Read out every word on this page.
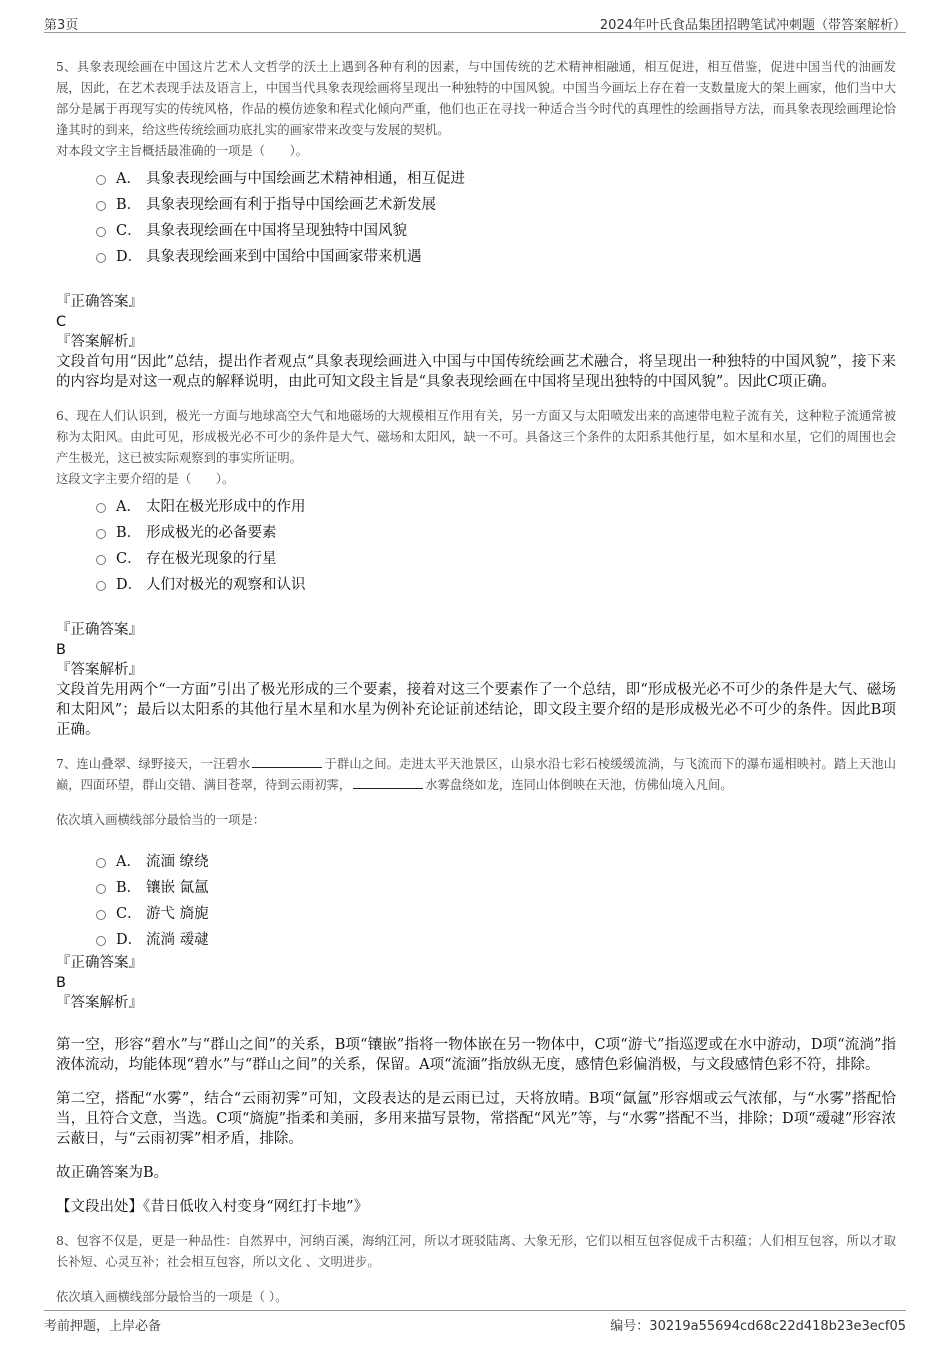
第3页	2024年叶氏食品集团招聘笔试冲刺题（带答案解析）
5、具象表现绘画在中国这片艺术人文哲学的沃土上遇到各种有利的因素，与中国传统的艺术精神相融通，相互促进，相互借鉴，促进中国当代的油画发展，因此，在艺术表现手法及语言上，中国当代具象表现绘画将呈现出一种独特的中国风貌。中国当今画坛上存在着一支数量庞大的架上画家，他们当中大部分是属于再现写实的传统风格，作品的模仿迹象和程式化倾向严重，他们也正在寻找一种适合当今时代的真理性的绘画指导方法，而具象表现绘画理论恰逢其时的到来，给这些传统绘画功底扎实的画家带来改变与发展的契机。
对本段文字主旨概括最准确的一项是（　　）。
A． 具象表现绘画与中国绘画艺术精神相通，相互促进
B． 具象表现绘画有利于指导中国绘画艺术新发展
C． 具象表现绘画在中国将呈现独特中国风貌
D． 具象表现绘画来到中国给中国画家带来机遇
『正确答案』
C
『答案解析』
文段首句用“因此”总结，提出作者观点“具象表现绘画进入中国与中国传统绘画艺术融合，将呈现出一种独特的中国风貌”，接下来的内容均是对这一观点的解释说明，由此可知文段主旨是“具象表现绘画在中国将呈现出独特的中国风貌”。因此C项正确。
6、现在人们认识到，极光一方面与地球高空大气和地磁场的大规模相互作用有关，另一方面又与太阳喷发出来的高速带电粒子流有关，这种粒子流通常被称为太阳风。由此可见，形成极光必不可少的条件是大气、磁场和太阳风，缺一不可。具备这三个条件的太阳系其他行星，如木星和水星，它们的周围也会产生极光，这已被实际观察到的事实所证明。
这段文字主要介绍的是（　　）。
A． 太阳在极光形成中的作用
B． 形成极光的必备要素
C． 存在极光现象的行星
D． 人们对极光的观察和认识
『正确答案』
B
『答案解析』
文段首先用两个“一方面”引出了极光形成的三个要素，接着对这三个要素作了一个总结，即“形成极光必不可少的条件是大气、磁场和太阳风”；最后以太阳系的其他行星木星和水星为例补充论证前述结论，即文段主要介绍的是形成极光必不可少的条件。因此B项正确。
7、连山叠翠、绿野接天，一汪碧水	于群山之间。走进太平天池景区，山泉水沿七彩石棱缓缓流淌，与飞流而下的瀑布遥相映衬。踏上天池山巅，四面环望，群山交错、满目苍翠，待到云雨初霁，	水雾盘绕如龙，连同山体倒映在天池，仿佛仙境入凡间。
依次填入画横线部分最恰当的一项是：
A． 流湎 缭绕
B． 镶嵌 氤氲
C． 游弋 旖旎
D． 流淌 叆叇
『正确答案』
B
『答案解析』
第一空，形容“碧水”与“群山之间”的关系，B项“镶嵌”指将一物体嵌在另一物体中，C项“游弋”指巡逻或在水中游动，D项“流淌”指液体流动，均能体现“碧水”与“群山之间”的关系，保留。A项“流湎”指放纵无度，感情色彩偏消极，与文段感情色彩不符，排除。
第二空，搭配“水雾”，结合“云雨初霁”可知，文段表达的是云雨已过，天将放晴。B项“氤氲”形容烟或云气浓郁，与“水雾”搭配恰当，且符合文意，当选。C项“旖旎”指柔和美丽，多用来描写景物，常搭配“风光”等，与“水雾”搭配不当，排除；D项“叆叇”形容浓云蔽日，与“云雨初霁”相矛盾，排除。
故正确答案为B。
【文段出处】《昔日低收入村变身“网红打卡地”》
8、包容不仅是，更是一种品性：自然界中，河纳百溪，海纳江河，所以才斑驳陆离、大象无形，它们以相互包容促成千古积蕴；人们相互包容，所以才取长补短、心灵互补；社会相互包容，所以文化 、文明进步。
依次填入画横线部分最恰当的一项是（ ）。
考前押题，上岸必备	编号：30219a55694cd68c22d418b23e3ecf05
